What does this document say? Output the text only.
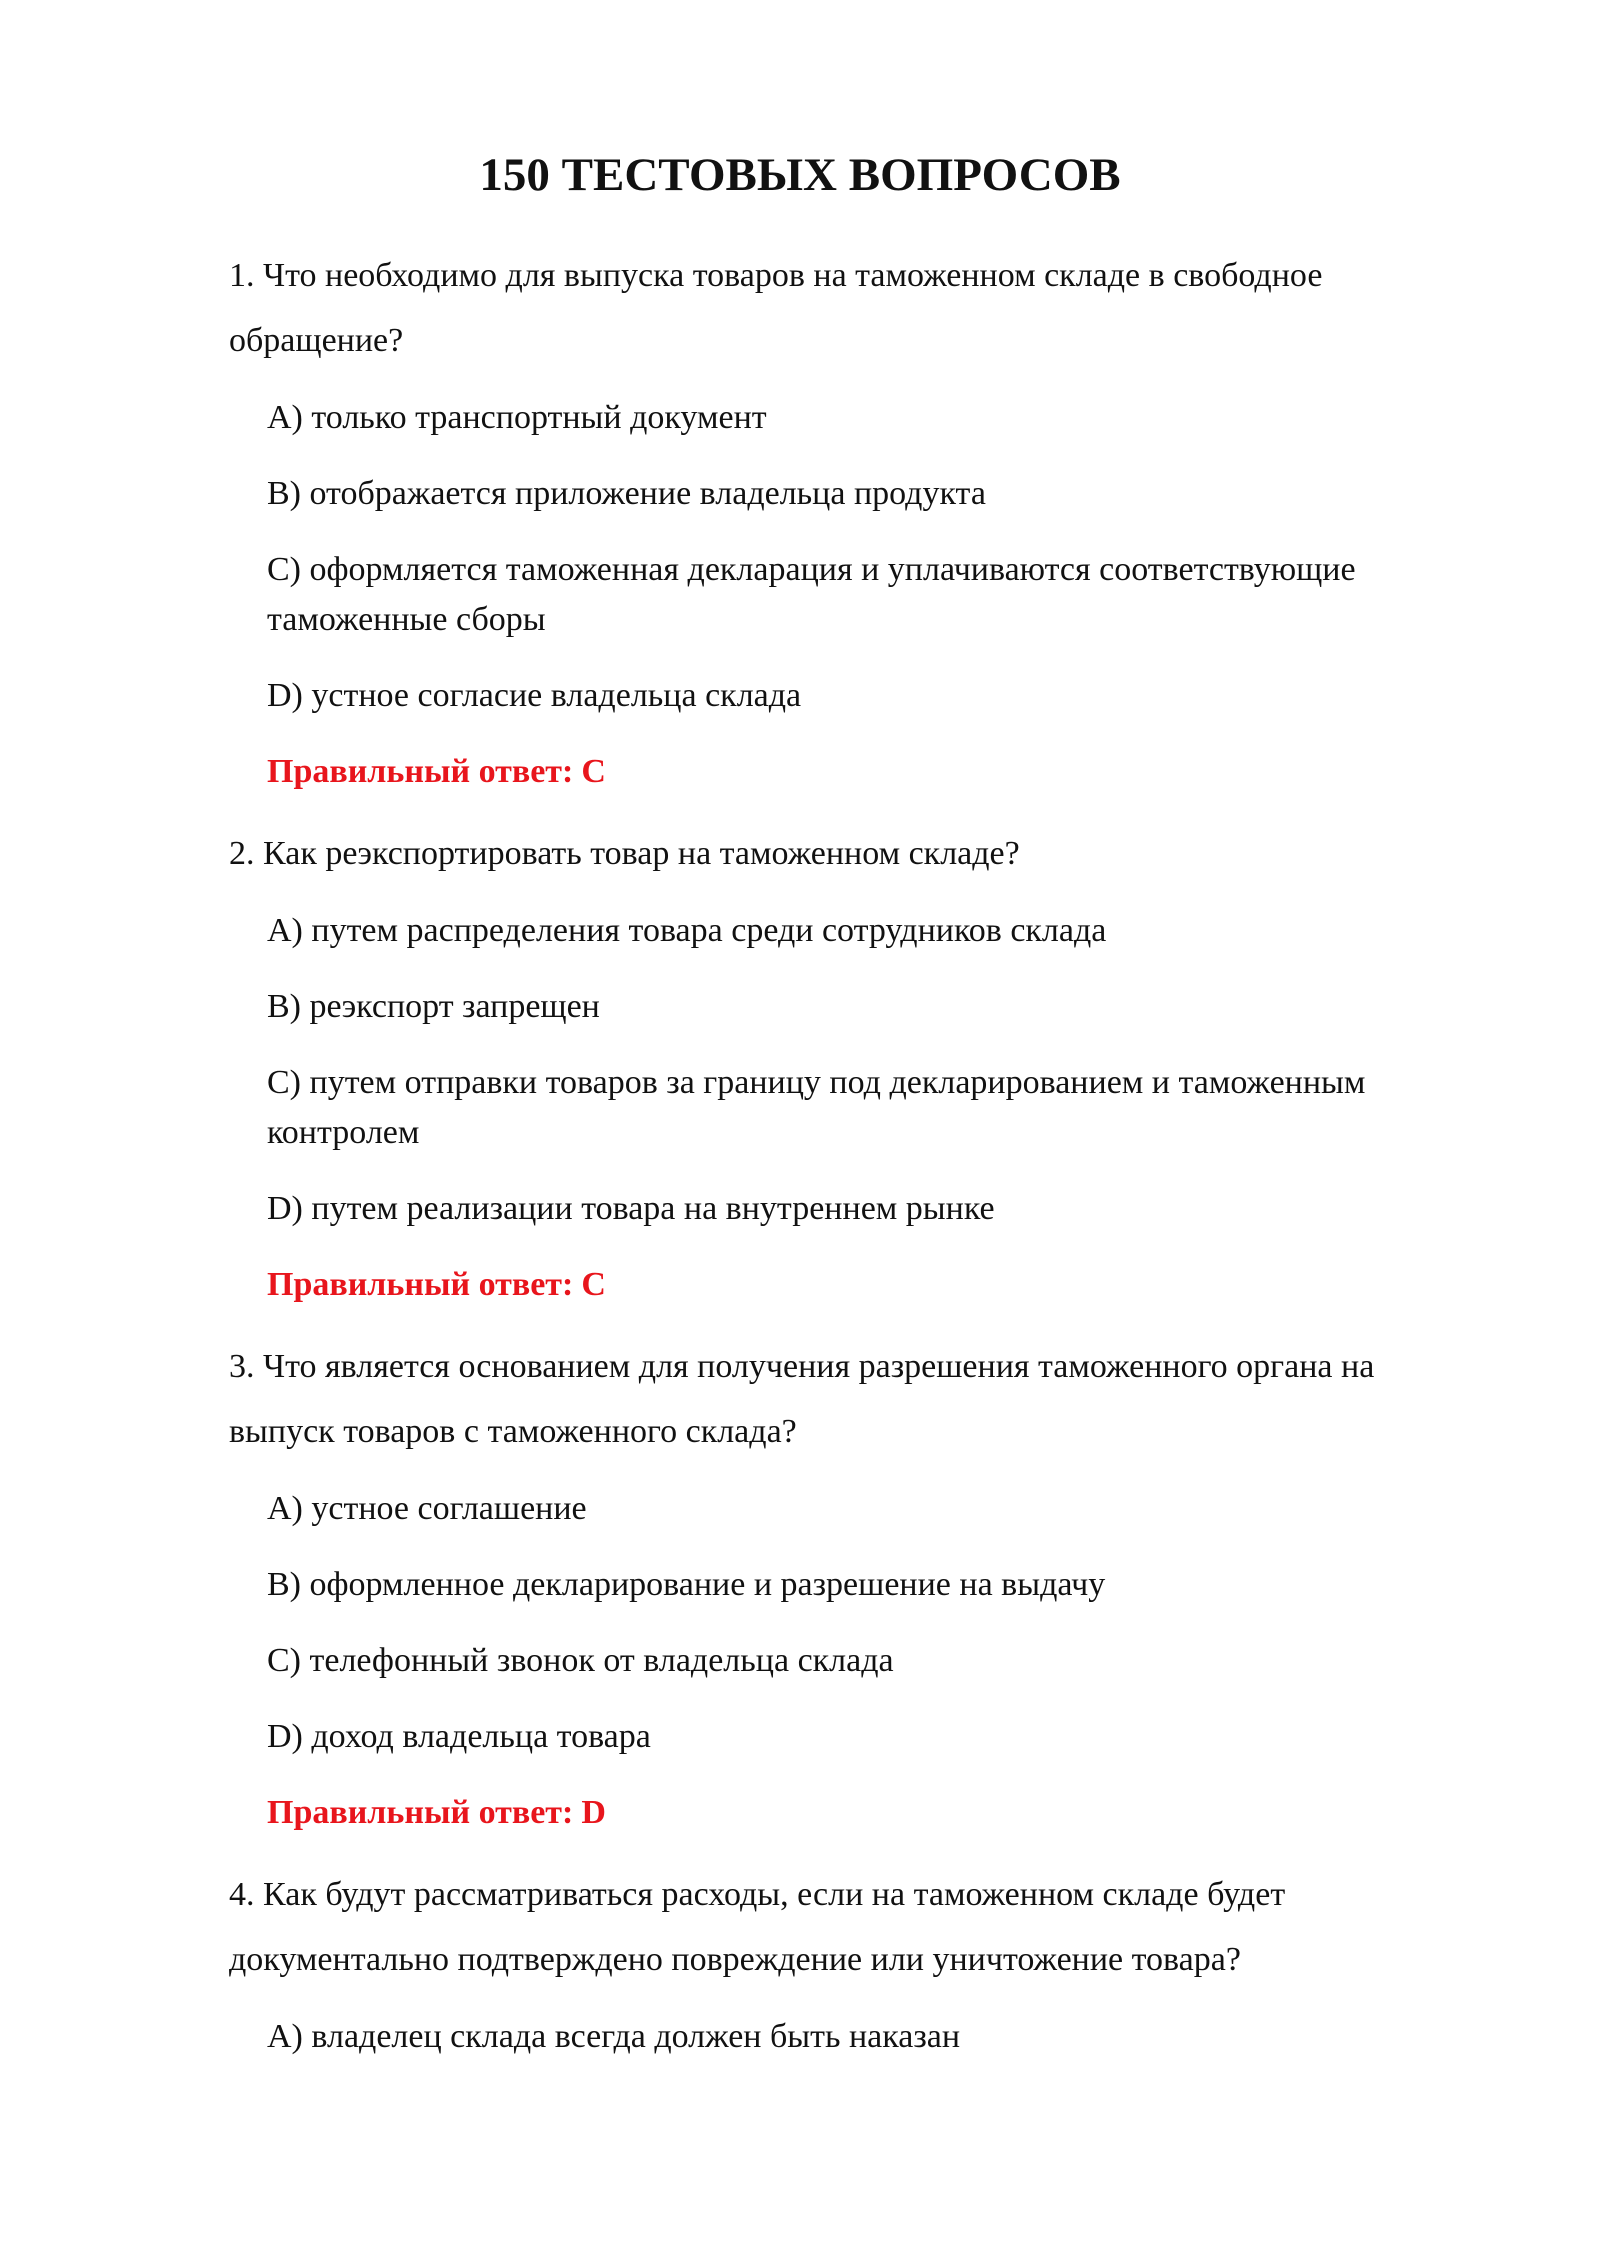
150 ТЕСТОВЫХ ВОПРОСОВ

1. Что необходимо для выпуска товаров на таможенном складе в свободное обращение?

A) только транспортный документ
B) отображается приложение владельца продукта
C) оформляется таможенная декларация и уплачиваются соответствующие таможенные сборы
D) устное согласие владельца склада
Правильный ответ: C

2. Как реэкспортировать товар на таможенном складе?

A) путем распределения товара среди сотрудников склада
B) реэкспорт запрещен
C) путем отправки товаров за границу под декларированием и таможенным контролем
D) путем реализации товара на внутреннем рынке
Правильный ответ: C

3. Что является основанием для получения разрешения таможенного органа на выпуск товаров с таможенного склада?

A) устное соглашение
B) оформленное декларирование и разрешение на выдачу
C) телефонный звонок от владельца склада
D) доход владельца товара
Правильный ответ: D

4. Как будут рассматриваться расходы, если на таможенном складе будет документально подтверждено повреждение или уничтожение товара?

A) владелец склада всегда должен быть наказан
